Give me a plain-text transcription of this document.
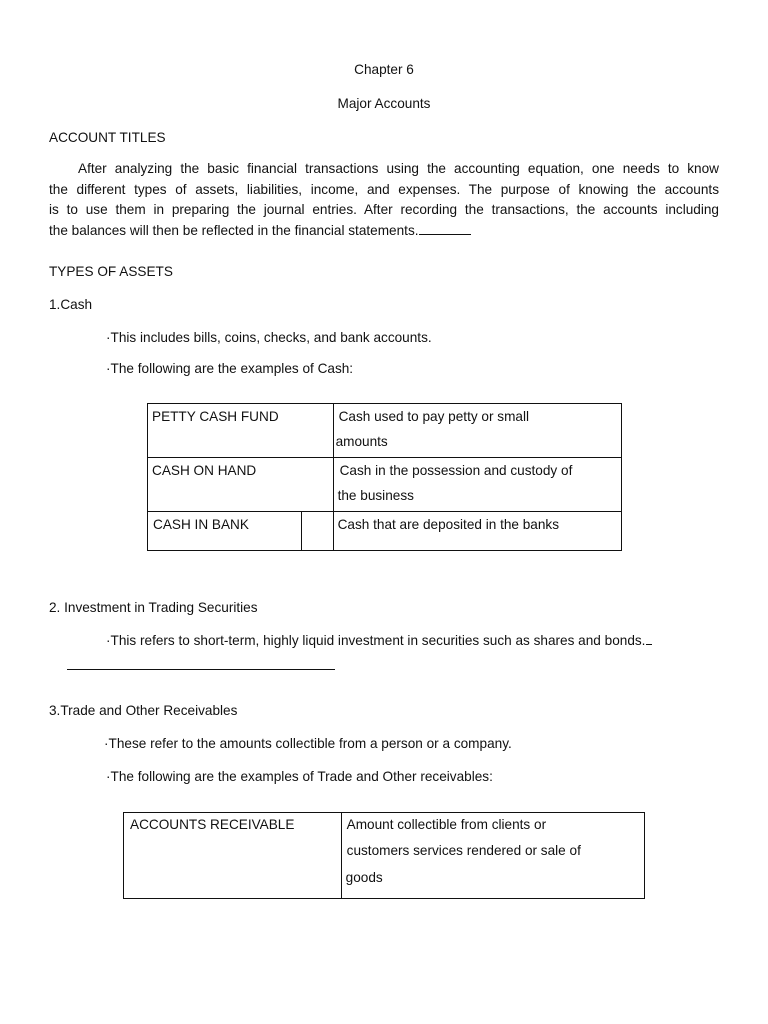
Chapter 6
Major Accounts
ACCOUNT TITLES
After analyzing the basic financial transactions using the accounting equation, one needs to know
the different types of assets, liabilities, income, and expenses. The purpose of knowing the accounts
is to use them in preparing the journal entries. After recording the transactions, the accounts including
the balances will then be reflected in the financial statements.
TYPES OF ASSETS
1.Cash
·This includes bills, coins, checks, and bank accounts.
·The following are the examples of Cash:
PETTY CASH FUND		Cash used to pay petty or small
amounts

CASH ON HAND		Cash in the possession and custody of
the business

CASH IN BANK		Cash that are deposited in the banks
2. Investment in Trading Securities
·This refers to short-term, highly liquid investment in securities such as shares and bonds.
3.Trade and Other Receivables
·These refer to the amounts collectible from a person or a company.
·The following are the examples of Trade and Other receivables:
ACCOUNTS RECEIVABLE	Amount collectible from clients or
customers services rendered or sale of
goods
